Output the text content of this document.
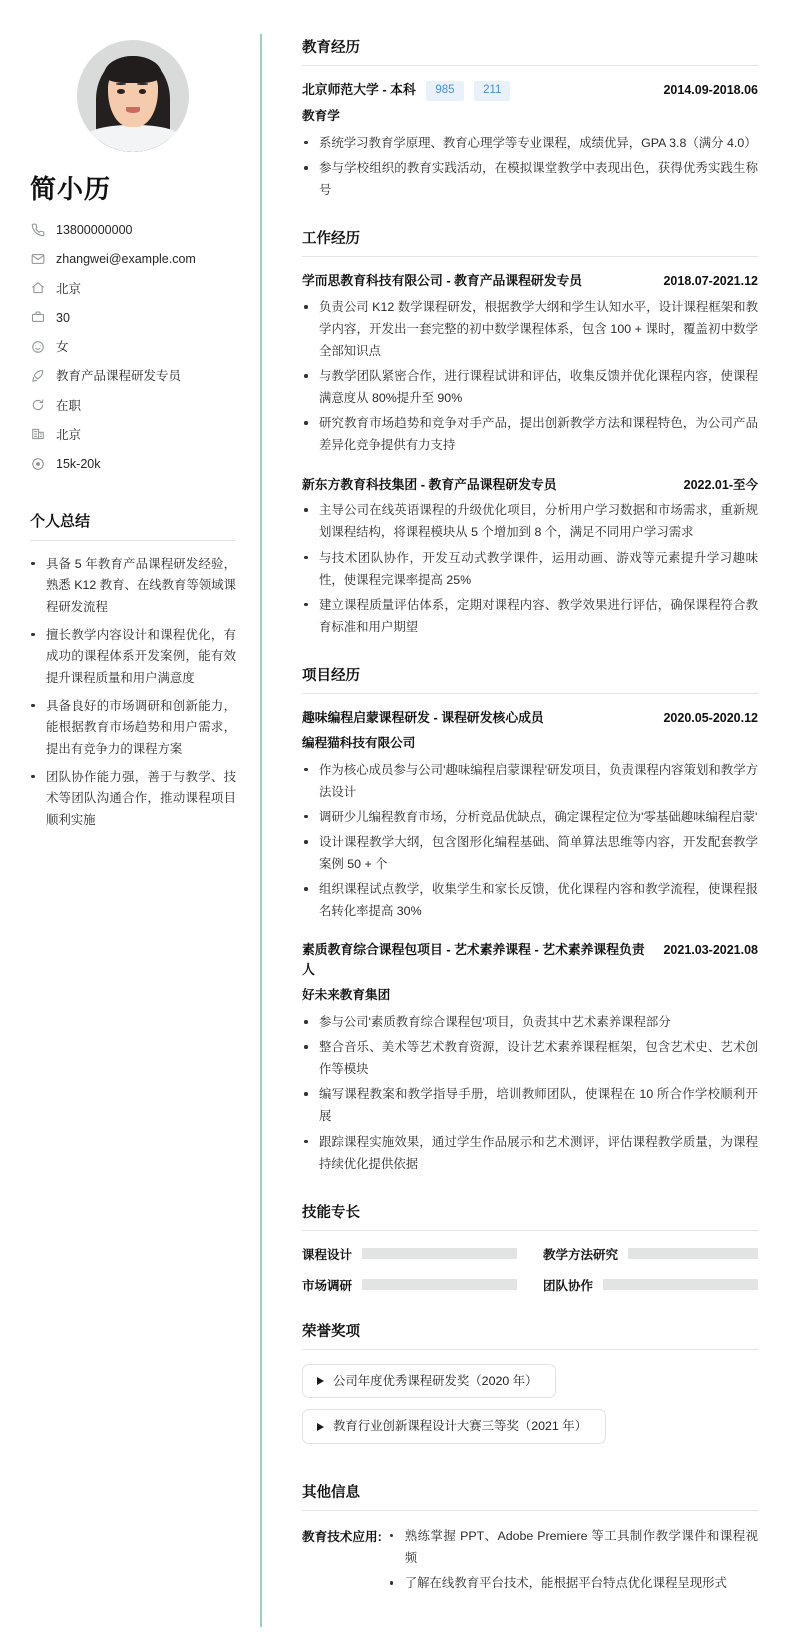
简小历
13800000000
zhangwei@example.com
北京
30
女
教育产品课程研发专员
在职
北京
15k-20k
个人总结
具备 5 年教育产品课程研发经验，熟悉 K12 教育、在线教育等领域课程研发流程
擅长教学内容设计和课程优化，有成功的课程体系开发案例，能有效提升课程质量和用户满意度
具备良好的市场调研和创新能力，能根据教育市场趋势和用户需求，提出有竞争力的课程方案
团队协作能力强，善于与教学、技术等团队沟通合作，推动课程项目顺利实施
教育经历
北京师范大学 - 本科 985 211	2014.09-2018.06
教育学
系统学习教育学原理、教育心理学等专业课程，成绩优异，GPA 3.8（满分 4.0）
参与学校组织的教育实践活动，在模拟课堂教学中表现出色，获得优秀实践生称号
工作经历
学而思教育科技有限公司 - 教育产品课程研发专员	2018.07-2021.12
负责公司 K12 数学课程研发，根据教学大纲和学生认知水平，设计课程框架和教学内容，开发出一套完整的初中数学课程体系，包含 100 + 课时，覆盖初中数学全部知识点
与教学团队紧密合作，进行课程试讲和评估，收集反馈并优化课程内容，使课程满意度从 80%提升至 90%
研究教育市场趋势和竞争对手产品，提出创新教学方法和课程特色，为公司产品差异化竞争提供有力支持
新东方教育科技集团 - 教育产品课程研发专员	2022.01-至今
主导公司在线英语课程的升级优化项目，分析用户学习数据和市场需求，重新规划课程结构，将课程模块从 5 个增加到 8 个，满足不同用户学习需求
与技术团队协作，开发互动式教学课件，运用动画、游戏等元素提升学习趣味性，使课程完课率提高 25%
建立课程质量评估体系，定期对课程内容、教学效果进行评估，确保课程符合教育标准和用户期望
项目经历
趣味编程启蒙课程研发 - 课程研发核心成员	2020.05-2020.12
编程猫科技有限公司
作为核心成员参与公司'趣味编程启蒙课程'研发项目，负责课程内容策划和教学方法设计
调研少儿编程教育市场，分析竞品优缺点，确定课程定位为'零基础趣味编程启蒙'
设计课程教学大纲，包含图形化编程基础、简单算法思维等内容，开发配套教学案例 50 + 个
组织课程试点教学，收集学生和家长反馈，优化课程内容和教学流程，使课程报名转化率提高 30%
素质教育综合课程包项目 - 艺术素养课程 - 艺术素养课程负责人
2021.03-2021.08
好未来教育集团
参与公司'素质教育综合课程包'项目，负责其中艺术素养课程部分
整合音乐、美术等艺术教育资源，设计艺术素养课程框架，包含艺术史、艺术创作等模块
编写课程教案和教学指导手册，培训教师团队，使课程在 10 所合作学校顺利开展
跟踪课程实施效果，通过学生作品展示和艺术测评，评估课程教学质量，为课程持续优化提供依据
技能专长
课程设计	教学方法研究
市场调研	团队协作
荣誉奖项
公司年度优秀课程研发奖（2020 年）
教育行业创新课程设计大赛三等奖（2021 年）
其他信息
教育技术应用:	熟练掌握 PPT、Adobe Premiere 等工具制作教学课件和课程视频
了解在线教育平台技术，能根据平台特点优化课程呈现形式
